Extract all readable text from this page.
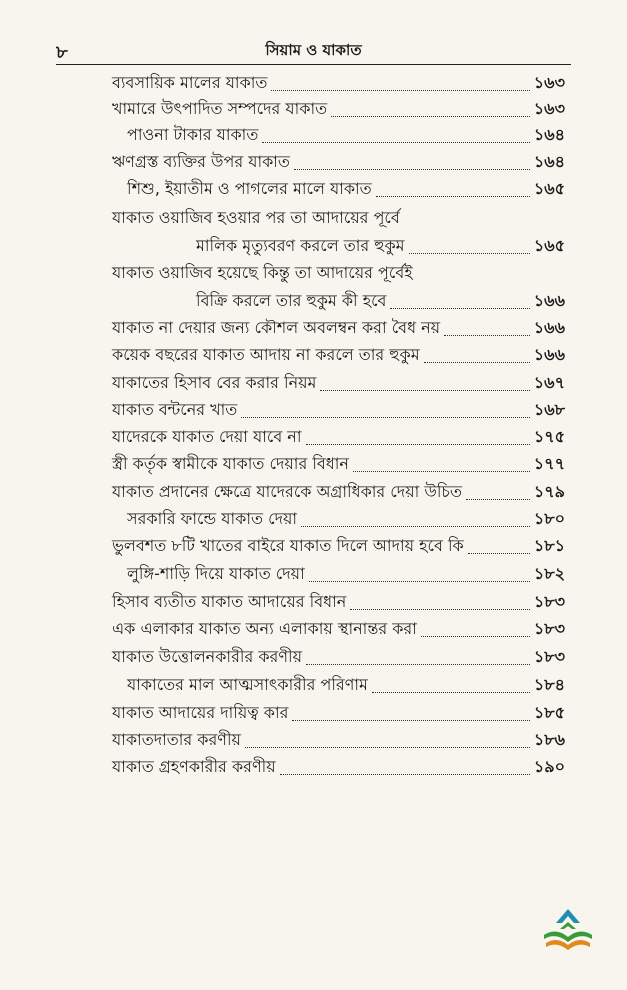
৮	সিয়াম ও যাকাত
ব্যবসায়িক মালের যাকাত	১৬৩
খামারে উৎপাদিত সম্পদের যাকাত	১৬৩
পাওনা টাকার যাকাত	১৬৪
ঋণগ্রস্ত ব্যক্তির উপর যাকাত	১৬৪
শিশু, ইয়াতীম ও পাগলের মালে যাকাত	১৬৫
যাকাত ওয়াজিব হওয়ার পর তা আদায়ের পূর্বে
মালিক মৃত্যুবরণ করলে তার হুকুম	১৬৫
যাকাত ওয়াজিব হয়েছে কিন্তু তা আদায়ের পূর্বেই
বিক্রি করলে তার হুকুম কী হবে	১৬৬
যাকাত না দেয়ার জন্য কৌশল অবলম্বন করা বৈধ নয়	১৬৬
কয়েক বছরের যাকাত আদায় না করলে তার হুকুম	১৬৬
যাকাতের হিসাব বের করার নিয়ম	১৬৭
যাকাত বন্টনের খাত	১৬৮
যাদেরকে যাকাত দেয়া যাবে না	১৭৫
স্ত্রী কর্তৃক স্বামীকে যাকাত দেয়ার বিধান	১৭৭
যাকাত প্রদানের ক্ষেত্রে যাদেরকে অগ্রাধিকার দেয়া উচিত	১৭৯
সরকারি ফান্ডে যাকাত দেয়া	১৮০
ভুলবশত ৮টি খাতের বাইরে যাকাত দিলে আদায় হবে কি	১৮১
লুঙ্গি-শাড়ি দিয়ে যাকাত দেয়া	১৮২
হিসাব ব্যতীত যাকাত আদায়ের বিধান	১৮৩
এক এলাকার যাকাত অন্য এলাকায় স্থানান্তর করা	১৮৩
যাকাত উত্তোলনকারীর করণীয়	১৮৩
যাকাতের মাল আত্মসাৎকারীর পরিণাম	১৮৪
যাকাত আদায়ের দায়িত্ব কার	১৮৫
যাকাতদাতার করণীয়	১৮৬
যাকাত গ্রহণকারীর করণীয়	১৯০
